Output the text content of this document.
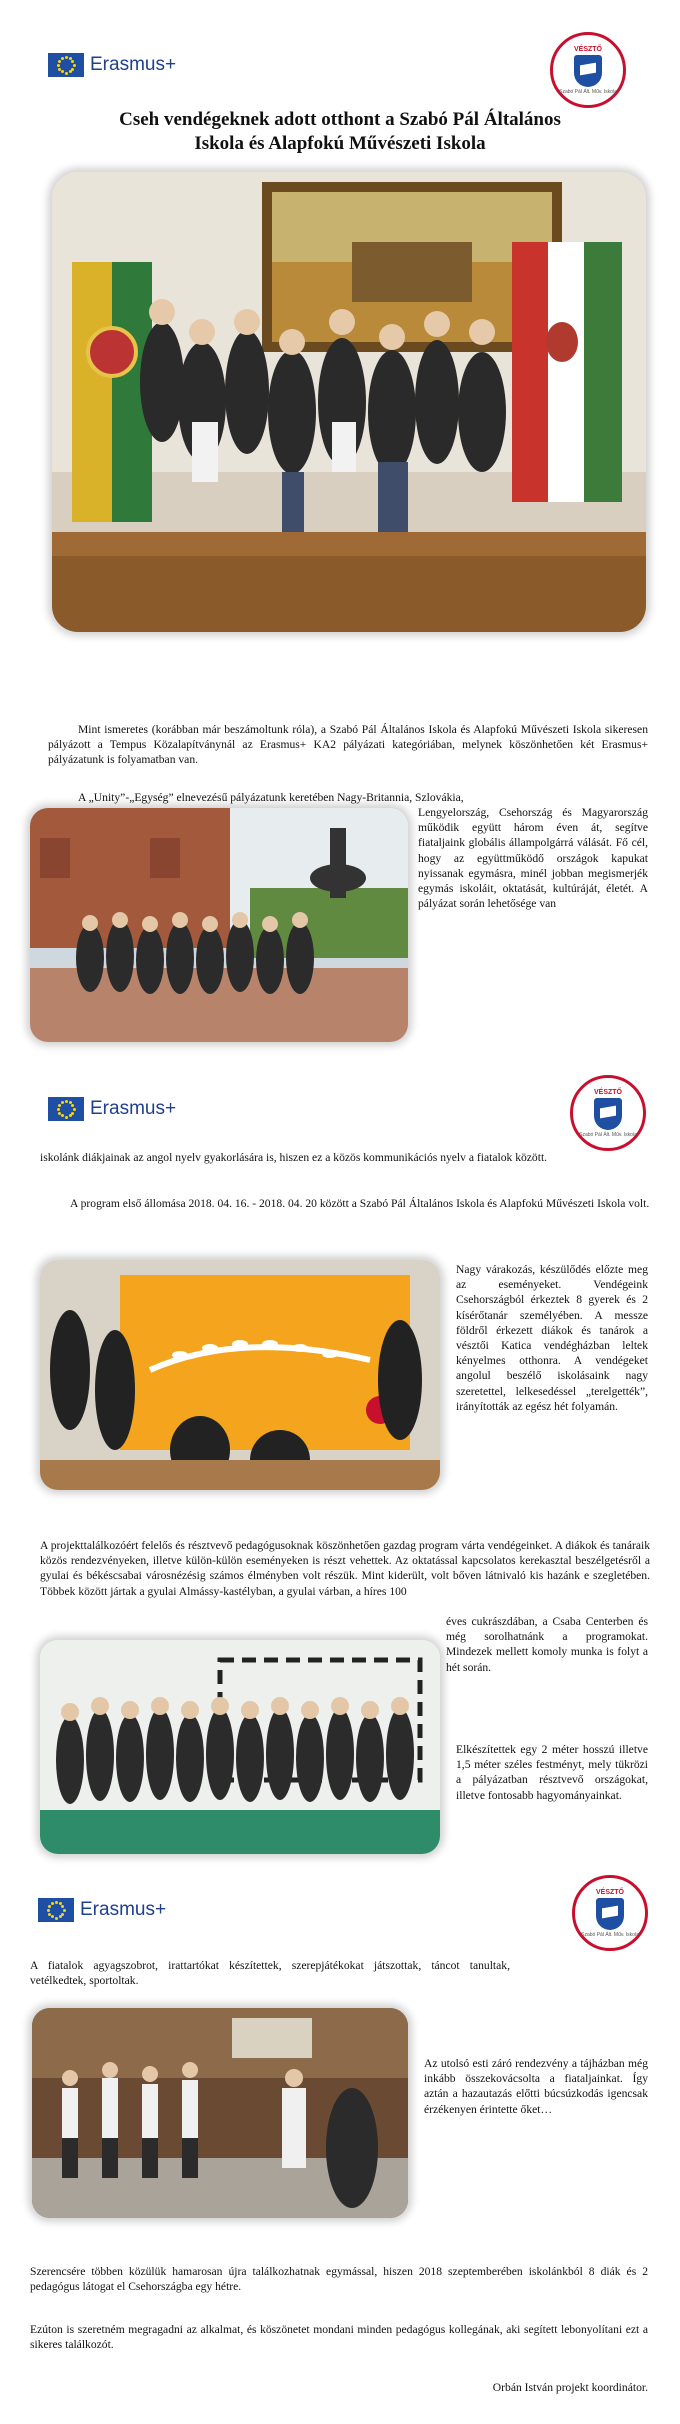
Erasmus+
VÉSZTŐ
Szabó Pál Ált. Műv. Iskola
Cseh vendégeknek adott otthont a Szabó Pál Általános
Iskola és Alapfokú Művészeti Iskola
Mint ismeretes (korábban már beszámoltunk róla), a Szabó Pál Általános Iskola és Alapfokú Művészeti Iskola sikeresen pályázott a Tempus Közalapítványnál az Erasmus+ KA2 pályázati kategóriában, melynek köszönhetően két Erasmus+ pályázatunk is folyamatban van.
A „Unity”-„Egység” elnevezésű pályázatunk keretében Nagy-Britannia, Szlovákia,
Lengyelország, Csehország és Magyarország működik együtt három éven át, segítve fiataljaink globális állampolgárrá válását. Fő cél, hogy az együttműködő országok kapukat nyissanak egymásra, minél jobban megismerjék egymás iskoláit, oktatását, kultúráját, életét. A pályázat során lehetősége van
Erasmus+
VÉSZTŐ
Szabó Pál Ált. Műv. Iskola
iskolánk diákjainak az angol nyelv gyakorlására is, hiszen ez a közös kommunikációs nyelv a fiatalok között.
A program első állomása 2018. 04. 16. - 2018. 04. 20 között a Szabó Pál Általános Iskola és Alapfokú Művészeti Iskola volt.
Nagy várakozás, készülődés előzte meg az eseményeket. Vendégeink Csehországból érkeztek 8 gyerek és 2 kísérőtanár személyében. A messze földről érkezett diákok és tanárok a vésztői Katica vendégházban leltek kényelmes otthonra. A vendégeket angolul beszélő iskolásaink nagy szeretettel, lelkesedéssel „terelgették”, irányították az egész hét folyamán.
A projekttalálkozóért felelős és résztvevő pedagógusoknak köszönhetően gazdag program várta vendégeinket. A diákok és tanáraik közös rendezvényeken, illetve külön-külön eseményeken is részt vehettek. Az oktatással kapcsolatos kerekasztal beszélgetésről a gyulai és békéscsabai városnézésig számos élményben volt részük. Mint kiderült, volt bőven látnivaló kis hazánk e szegletében. Többek között jártak a gyulai Almássy-kastélyban, a gyulai várban, a híres 100
éves cukrászdában, a Csaba Centerben és még sorolhatnánk a programokat. Mindezek mellett komoly munka is folyt a hét során.
Elkészítettek egy 2 méter hosszú illetve 1,5 méter széles festményt, mely tükrözi a pályázatban résztvevő országokat, illetve fontosabb hagyományainkat.
Erasmus+
VÉSZTŐ
Szabó Pál Ált. Műv. Iskola
A fiatalok agyagszobrot, irattartókat készítettek, szerepjátékokat játszottak, táncot tanultak, vetélkedtek, sportoltak.
Az utolsó esti záró rendezvény a tájházban még inkább összekovácsolta a fiataljainkat. Így aztán a hazautazás előtti búcsúzkodás igencsak érzékenyen érintette őket…
Szerencsére többen közülük hamarosan újra találkozhatnak egymással, hiszen 2018 szeptemberében iskolánkból 8 diák és 2 pedagógus látogat el Csehországba egy hétre.
Ezúton is szeretném megragadni az alkalmat, és köszönetet mondani minden pedagógus kollegának, aki segített lebonyolítani ezt a sikeres találkozót.
Orbán István projekt koordinátor.
